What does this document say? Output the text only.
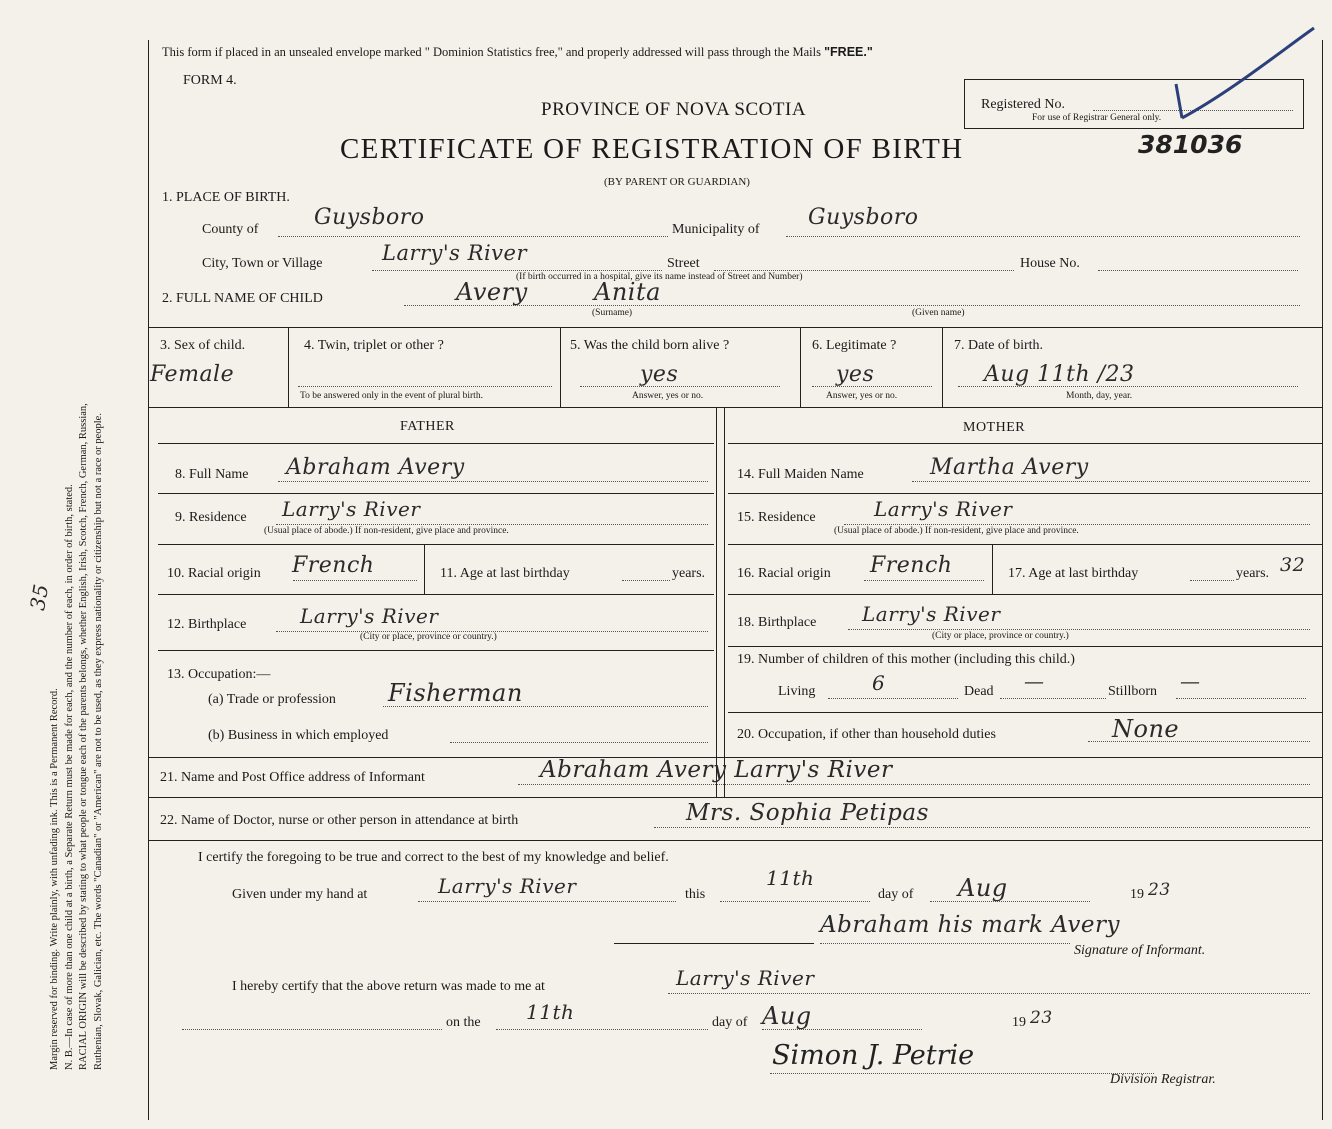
Margin reserved for binding. Write plainly, with unfading ink. This is a Permanent Record. N. B.—In case of more than one child at a birth, a Separate Return must be made for each, and the number of each, in order of birth, stated. RACIAL ORIGIN will be described by stating to what people or tongue each of the parents belongs, whether English, Irish, Scotch, French, German, Russian, Ruthenian, Slovak, Galician, etc. The words "Canadian" or "American" are not to be used, as they express nationality or citizenship but not a race or people.
35
This form if placed in an unsealed envelope marked " Dominion Statistics free," and properly addressed will pass through the Mails "FREE."
FORM 4.
PROVINCE OF NOVA SCOTIA
CERTIFICATE OF REGISTRATION OF BIRTH
(BY PARENT OR GUARDIAN)
Registered No.
For use of Registrar General only.
381036
1. PLACE OF BIRTH.
County of	Guysboro	Municipality of Guysboro
City, Town or Village	Larry's River	Street	House No.
(If birth occurred in a hospital, give its name instead of Street and Number)
2. FULL NAME OF CHILD	Avery	Anita
(Surname)	(Given name)
3. Sex of child.
Female
4. Twin, triplet or other ?
To be answered only in the event of plural birth.
5. Was the child born alive ?
yes
Answer, yes or no.
6. Legitimate ?
yes
Answer, yes or no.
7. Date of birth.
Aug 11th /23
Month, day, year.
FATHER	MOTHER
8. Full Name Abraham Avery
9. Residence Larry's River
(Usual place of abode.) If non-resident, give place and province.
10. Racial origin French	11. Age at last birthday	years.
12. Birthplace	Larry's River
(City or place, province or country.)
13. Occupation:—
(a) Trade or profession Fisherman
(b) Business in which employed
14. Full Maiden Name	Martha Avery
15. Residence	Larry's River
(Usual place of abode.) If non-resident, give place and province.
16. Racial origin French	17. Age at last birthday	years. 32
18. Birthplace Larry's River
(City or place, province or country.)
19. Number of children of this mother (including this child.)
Living	6	Dead —	Stillborn —
20. Occupation, if other than household duties	None
21. Name and Post Office address of Informant	Abraham Avery Larry's River
22. Name of Doctor, nurse or other person in attendance at birth	Mrs. Sophia Petipas
I certify the foregoing to be true and correct to the best of my knowledge and belief.
Given under my hand at	Larry's River	this
11th
day of Aug	19 23
Abraham his mark Avery
Signature of Informant.
I hereby certify that the above return was made to me at	Larry's River
on the 11th	day of Aug	19 23
Simon J. Petrie
Division Registrar.
